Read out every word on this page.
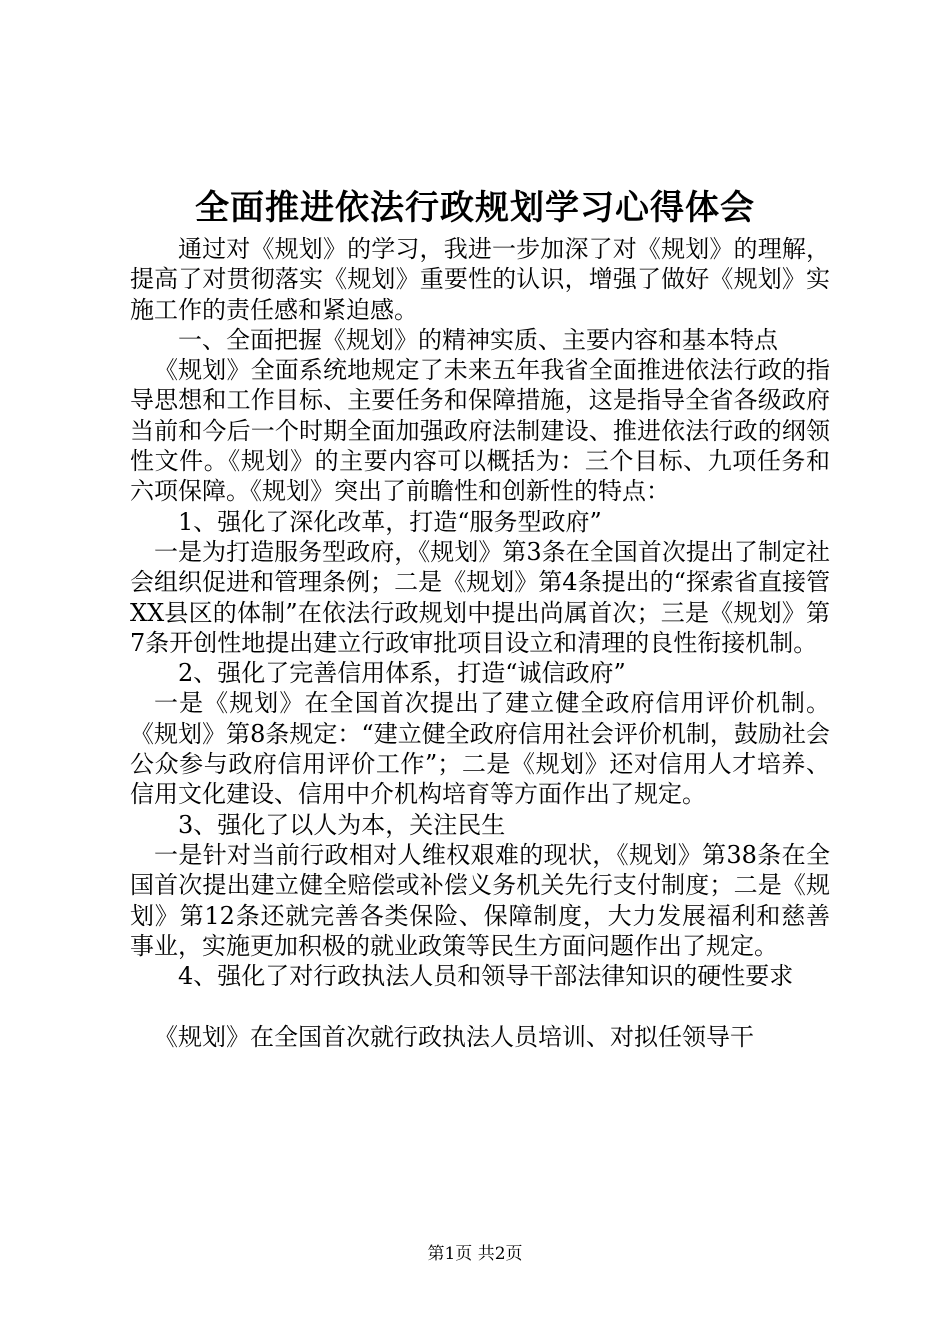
全面推进依法行政规划学习心得体会

通过对《规划》的学习，我进一步加深了对《规划》的理解，提高了对贯彻落实《规划》重要性的认识，增强了做好《规划》实施工作的责任感和紧迫感。

一、全面把握《规划》的精神实质、主要内容和基本特点

《规划》全面系统地规定了未来五年我省全面推进依法行政的指导思想和工作目标、主要任务和保障措施，这是指导全省各级政府当前和今后一个时期全面加强政府法制建设、推进依法行政的纲领性文件。《规划》的主要内容可以概括为：三个目标、九项任务和六项保障。《规划》突出了前瞻性和创新性的特点：

1、强化了深化改革，打造“服务型政府”

一是为打造服务型政府，《规划》第3条在全国首次提出了制定社会组织促进和管理条例；二是《规划》第4条提出的“探索省直接管XX县区的体制”在依法行政规划中提出尚属首次；三是《规划》第7条开创性地提出建立行政审批项目设立和清理的良性衔接机制。

2、强化了完善信用体系，打造“诚信政府”

一是《规划》在全国首次提出了建立健全政府信用评价机制。《规划》第8条规定：“建立健全政府信用社会评价机制，鼓励社会公众参与政府信用评价工作”；二是《规划》还对信用人才培养、信用文化建设、信用中介机构培育等方面作出了规定。

3、强化了以人为本，关注民生

一是针对当前行政相对人维权艰难的现状，《规划》第38条在全国首次提出建立健全赔偿或补偿义务机关先行支付制度；二是《规划》第12条还就完善各类保险、保障制度，大力发展福利和慈善事业，实施更加积极的就业政策等民生方面问题作出了规定。

4、强化了对行政执法人员和领导干部法律知识的硬性要求

《规划》在全国首次就行政执法人员培训、对拟任领导干

第1页 共2页
